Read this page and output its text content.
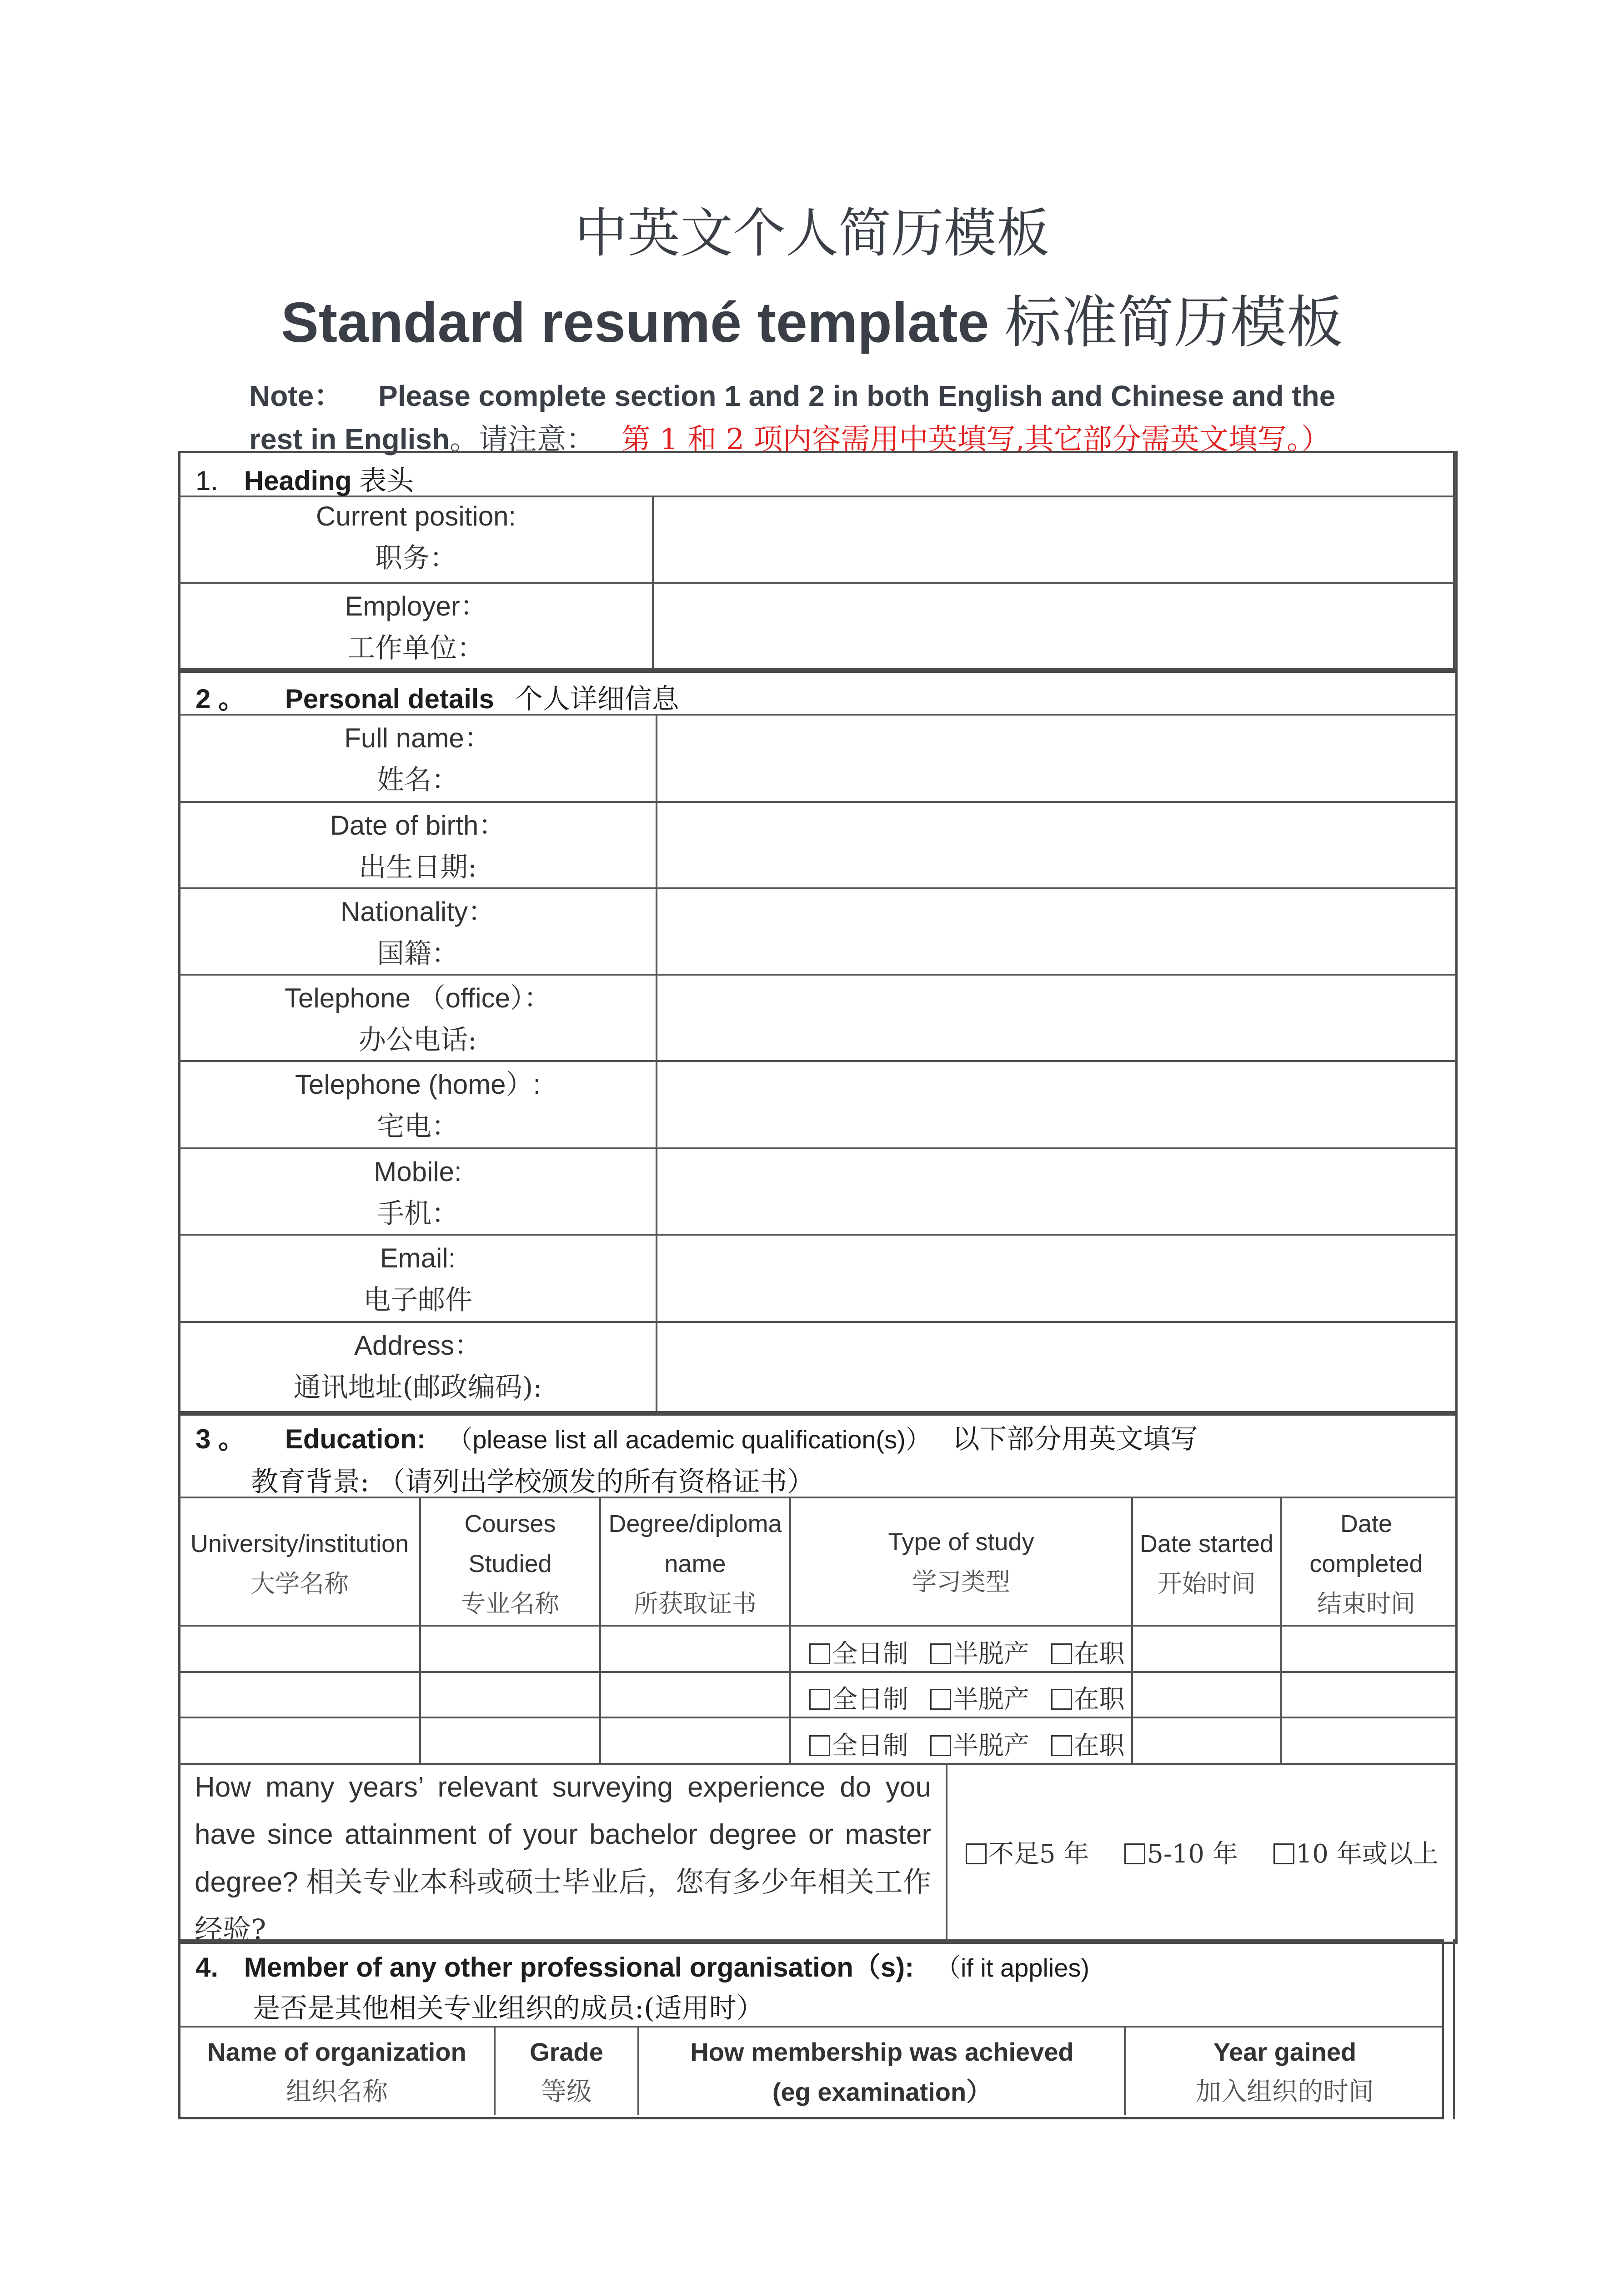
中英文个人简历模板
Standard resumé template 标准简历模板
Note： Please complete section 1 and 2 in both English and Chinese and the
rest in English。请注意： 第 1 和 2 项内容需用中英填写,其它部分需英文填写。）
1. Heading 表头
Current position:
职务：
Employer：
工作单位：
2 。 Personal details 个人详细信息
Full name：
姓名：
Date of birth：
出生日期:
Nationality：
国籍：
Telephone （office）：
办公电话:
Telephone (home）:
宅电：
Mobile:
手机：
Email:
电子邮件
Address：
通讯地址(邮政编码):
3 。 Education: （please list all academic qualification(s)） 以下部分用英文填写
教育背景: （请列出学校颁发的所有资格证书）
University/institution
大学名称
Courses Studied
专业名称
Degree/diploma name
所获取证书
Type of study
学习类型
Date started
开始时间
Date completed
结束时间
全日制 半脱产 在职
全日制 半脱产 在职
全日制 半脱产 在职
How many years’ relevant surveying experience do you have since attainment of your bachelor degree or master degree? 相关专业本科或硕士毕业后，您有多少年相关工作经验?
不足5 年 5-10 年 10 年或以上
4. Member of any other professional organisation（s): （if it applies)
是否是其他相关专业组织的成员:(适用时）
Name of organization
组织名称
Grade
等级
How membership was achieved (eg examination）
Year gained
加入组织的时间
